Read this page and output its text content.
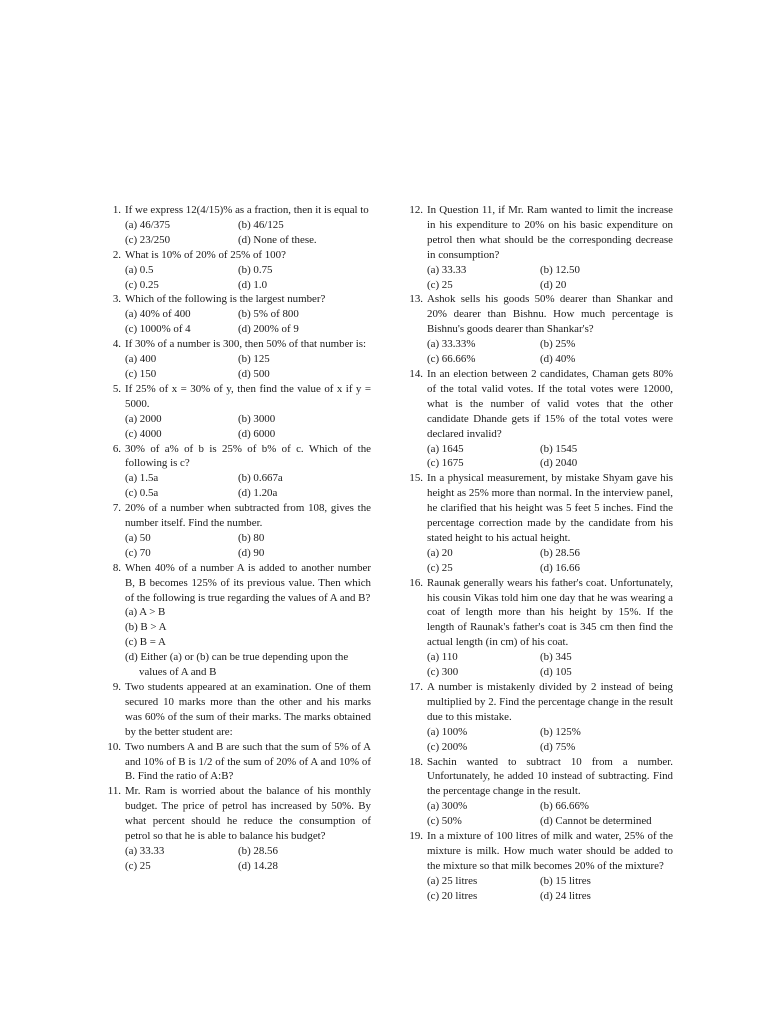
1. If we express 12(4/15)% as a fraction, then it is equal to
(a) 46/375	(b) 46/125
(c) 23/250	(d) None of these.
2. What is 10% of 20% of 25% of 100?
(a) 0.5	(b) 0.75
(c) 0.25	(d) 1.0
3. Which of the following is the largest number?
(a) 40% of 400	(b) 5% of 800
(c) 1000% of 4	(d) 200% of 9
4. If 30% of a number is 300, then 50% of that number is:
(a) 400	(b) 125
(c) 150	(d) 500
5. If 25% of x = 30% of y, then find the value of x if y = 5000.
(a) 2000	(b) 3000
(c) 4000	(d) 6000
6. 30% of a% of b is 25% of b% of c. Which of the following is c?
(a) 1.5a	(b) 0.667a
(c) 0.5a	(d) 1.20a
7. 20% of a number when subtracted from 108, gives the number itself. Find the number.
(a) 50	(b) 80
(c) 70	(d) 90
8. When 40% of a number A is added to another number B, B becomes 125% of its previous value. Then which of the following is true regarding the values of A and B?
(a) A > B
(b) B > A
(c) B = A
(d) Either (a) or (b) can be true depending upon the values of A and B
9. Two students appeared at an examination. One of them secured 10 marks more than the other and his marks was 60% of the sum of their marks. The marks obtained by the better student are:
10. Two numbers A and B are such that the sum of 5% of A and 10% of B is 1/2 of the sum of 20% of A and 10% of B. Find the ratio of A:B?
11. Mr. Ram is worried about the balance of his monthly budget. The price of petrol has increased by 50%. By what percent should he reduce the consumption of petrol so that he is able to balance his budget?
(a) 33.33	(b) 28.56
(c) 25	(d) 14.28
12. In Question 11, if Mr. Ram wanted to limit the increase in his expenditure to 20% on his basic expenditure on petrol then what should be the corresponding decrease in consumption?
(a) 33.33	(b) 12.50
(c) 25	(d) 20
13. Ashok sells his goods 50% dearer than Shankar and 20% dearer than Bishnu. How much percentage is Bishnu's goods dearer than Shankar's?
(a) 33.33%	(b) 25%
(c) 66.66%	(d) 40%
14. In an election between 2 candidates, Chaman gets 80% of the total valid votes. If the total votes were 12000, what is the number of valid votes that the other candidate Dhande gets if 15% of the total votes were declared invalid?
(a) 1645	(b) 1545
(c) 1675	(d) 2040
15. In a physical measurement, by mistake Shyam gave his height as 25% more than normal. In the interview panel, he clarified that his height was 5 feet 5 inches. Find the percentage correction made by the candidate from his stated height to his actual height.
(a) 20	(b) 28.56
(c) 25	(d) 16.66
16. Raunak generally wears his father's coat. Unfortunately, his cousin Vikas told him one day that he was wearing a coat of length more than his height by 15%. If the length of Raunak's father's coat is 345 cm then find the actual length (in cm) of his coat.
(a) 110	(b) 345
(c) 300	(d) 105
17. A number is mistakenly divided by 2 instead of being multiplied by 2. Find the percentage change in the result due to this mistake.
(a) 100%	(b) 125%
(c) 200%	(d) 75%
18. Sachin wanted to subtract 10 from a number. Unfortunately, he added 10 instead of subtracting. Find the percentage change in the result.
(a) 300%	(b) 66.66%
(c) 50%	(d) Cannot be determined
19. In a mixture of 100 litres of milk and water, 25% of the mixture is milk. How much water should be added to the mixture so that milk becomes 20% of the mixture?
(a) 25 litres	(b) 15 litres
(c) 20 litres	(d) 24 litres
